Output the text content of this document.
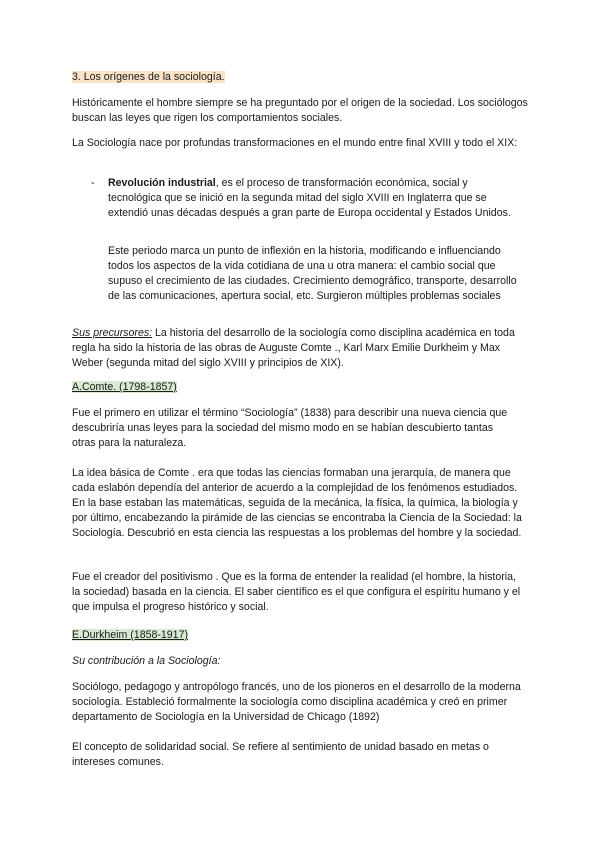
3. Los orígenes de la sociología.

Históricamente el hombre siempre se ha preguntado por el origen de la sociedad. Los sociólogos buscan las leyes que rigen los comportamientos sociales.

La Sociología nace por profundas transformaciones en el mundo entre final XVIII y todo el XIX:

- Revolución industrial, es el proceso de transformación económica, social y tecnológica que se inició en la segunda mitad del siglo XVIII en Inglaterra que se extendió unas décadas después a gran parte de Europa occidental y Estados Unidos.

Este periodo marca un punto de inflexión en la historia, modificando e influenciando todos los aspectos de la vida cotidiana de una u otra manera: el cambio social que supuso el crecimiento de las ciudades. Crecimiento demográfico, transporte, desarrollo de las comunicaciones, apertura social, etc. Surgieron múltiples problemas sociales

Sus precursores: La historia del desarrollo de la sociología como disciplina académica en toda regla ha sido la historia de las obras de Auguste Comte ., Karl Marx Emilie Durkheim y Max Weber (segunda mitad del siglo XVIII y principios de XIX).

A.Comte. (1798-1857)

Fue el primero en utilizar el término “Sociología” (1838) para describir una nueva ciencia que descubriría unas leyes para la sociedad del mismo modo en se habían descubierto tantas otras para la naturaleza.

La idea básica de Comte . era que todas las ciencias formaban una jerarquía, de manera que cada eslabón dependía del anterior de acuerdo a la complejidad de los fenómenos estudiados. En la base estaban las matemáticas, seguida de la mecánica, la física, la química, la biología y por último, encabezando la pirámide de las ciencias se encontraba la Ciencia de la Sociedad: la Sociología. Descubrió en esta ciencia las respuestas a los problemas del hombre y la sociedad.

Fue el creador del positivismo . Que es la forma de entender la realidad (el hombre, la historia, la sociedad) basada en la ciencia. El saber científico es el que configura el espíritu humano y el que impulsa el progreso histórico y social.

E.Durkheim (1858-1917)

Su contribución a la Sociología:

Sociólogo, pedagogo y antropólogo francés, uno de los pioneros en el desarrollo de la moderna sociología. Estableció formalmente la sociología como disciplina académica y creó en primer departamento de Sociología en la Universidad de Chicago (1892)

El concepto de solidaridad social. Se refiere al sentimiento de unidad basado en metas o intereses comunes.
